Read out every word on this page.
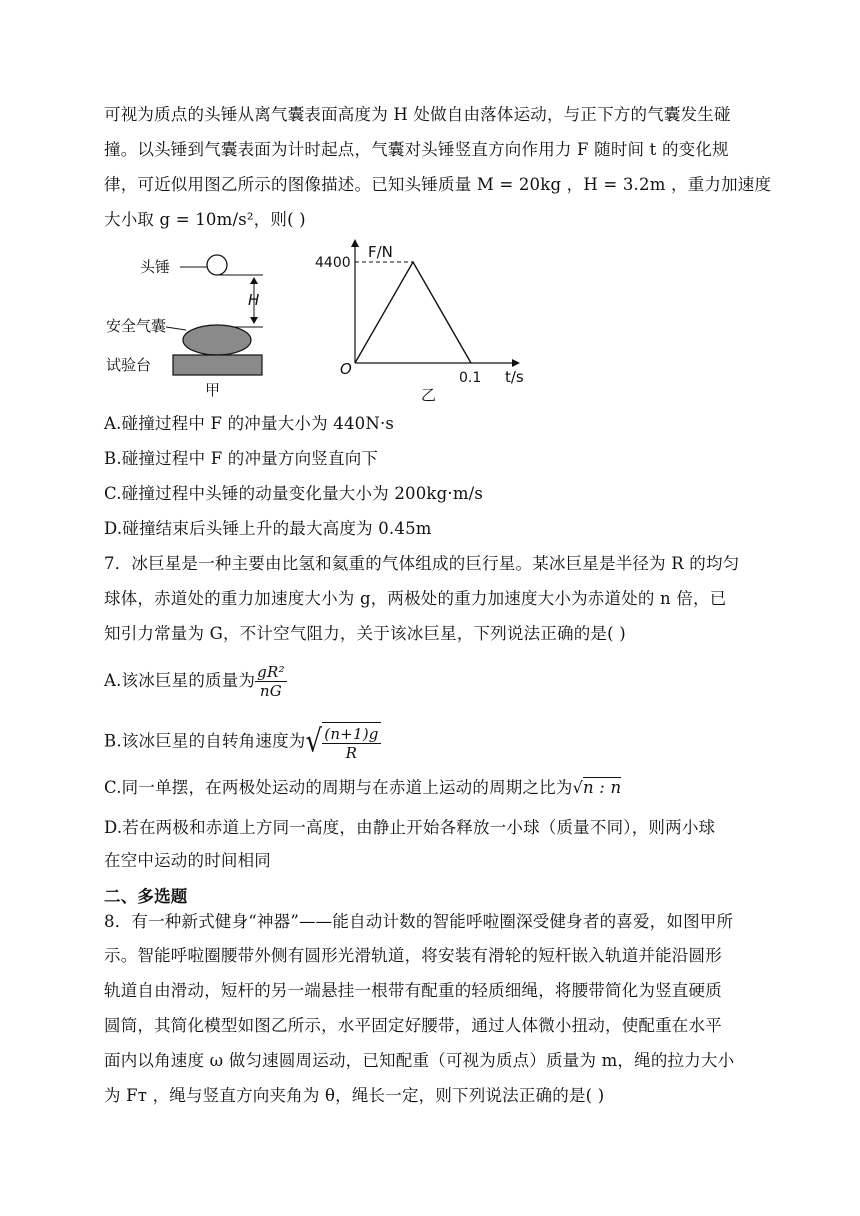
可视为质点的头锤从离气囊表面高度为 H 处做自由落体运动，与正下方的气囊发生碰
撞。以头锤到气囊表面为计时起点，气囊对头锤竖直方向作用力 F 随时间 t 的变化规
律，可近似用图乙所示的图像描述。已知头锤质量 M = 20kg ，H = 3.2m ，重力加速度
大小取 g = 10m/s²，则( )
头锤
H
安全气囊
试验台
甲
F/N
t/s
O
4400
0.1
乙
A.碰撞过程中 F 的冲量大小为 440N·s
B.碰撞过程中 F 的冲量方向竖直向下
C.碰撞过程中头锤的动量变化量大小为 200kg·m/s
D.碰撞结束后头锤上升的最大高度为 0.45m
7．冰巨星是一种主要由比氢和氦重的气体组成的巨行星。某冰巨星是半径为 R 的均匀
球体，赤道处的重力加速度大小为 g，两极处的重力加速度大小为赤道处的 n 倍，已
知引力常量为 G，不计空气阻力，关于该冰巨星，下列说法正确的是( )
A.该冰巨星的质量为 $\frac{\text{gR²}}{nG}$
B.该冰巨星的自转角速度为√ $\frac{(n+1)g}{R}$
C.同一单摆，在两极处运动的周期与在赤道上运动的周期之比为√n : n
D.若在两极和赤道上方同一高度，由静止开始各释放一小球（质量不同），则两小球
在空中运动的时间相同
二、多选题
8．有一种新式健身“神器”——能自动计数的智能呼啦圈深受健身者的喜爱，如图甲所
示。智能呼啦圈腰带外侧有圆形光滑轨道，将安装有滑轮的短杆嵌入轨道并能沿圆形
轨道自由滑动，短杆的另一端悬挂一根带有配重的轻质细绳，将腰带简化为竖直硬质
圆筒，其简化模型如图乙所示，水平固定好腰带，通过人体微小扭动，使配重在水平
面内以角速度 ω 做匀速圆周运动，已知配重（可视为质点）质量为 m，绳的拉力大小
为 Fт ，绳与竖直方向夹角为 θ，绳长一定，则下列说法正确的是( )
